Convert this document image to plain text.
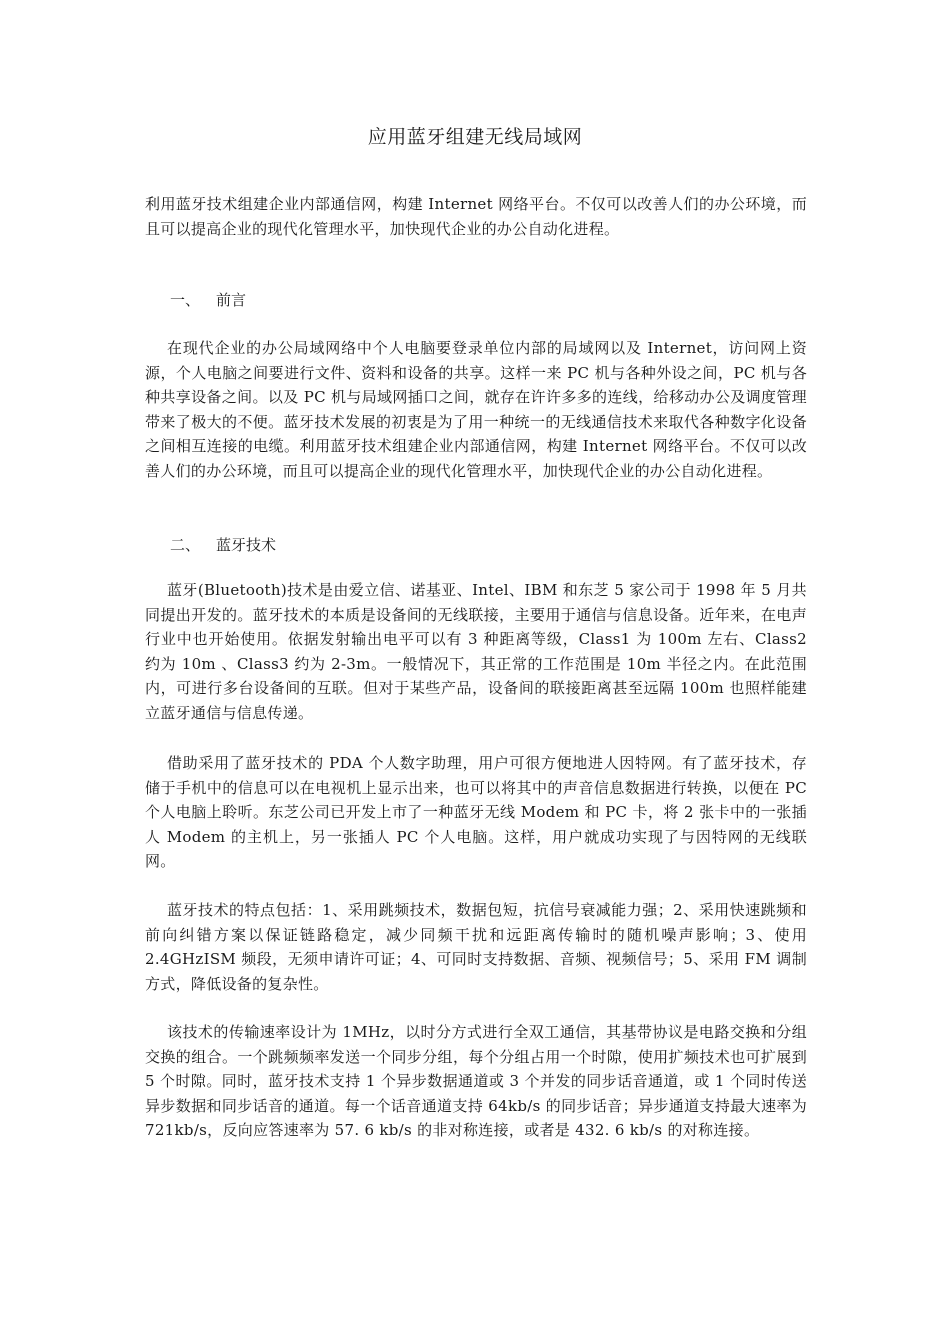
应用蓝牙组建无线局域网

利用蓝牙技术组建企业内部通信网，构建 Internet 网络平台。不仅可以改善人们的办公环境，而且可以提高企业的现代化管理水平，加快现代企业的办公自动化进程。

一、 前言

在现代企业的办公局域网络中个人电脑要登录单位内部的局域网以及 Internet，访问网上资源，个人电脑之间要进行文件、资料和设备的共享。这样一来 PC 机与各种外设之间，PC 机与各种共享设备之间。以及 PC 机与局域网插口之间，就存在许许多多的连线，给移动办公及调度管理带来了极大的不便。蓝牙技术发展的初衷是为了用一种统一的无线通信技术来取代各种数字化设备之间相互连接的电缆。利用蓝牙技术组建企业内部通信网，构建 Internet 网络平台。不仅可以改善人们的办公环境，而且可以提高企业的现代化管理水平，加快现代企业的办公自动化进程。

二、 蓝牙技术

蓝牙(Bluetooth)技术是由爱立信、诺基亚、Intel、IBM 和东芝 5 家公司于 1998 年 5 月共同提出开发的。蓝牙技术的本质是设备间的无线联接，主要用于通信与信息设备。近年来，在电声行业中也开始使用。依据发射输出电平可以有 3 种距离等级，Class1 为 100m 左右、Class2 约为 10m 、Class3 约为 2-3m。一般情况下，其正常的工作范围是 10m 半径之内。在此范围内，可进行多台设备间的互联。但对于某些产品，设备间的联接距离甚至远隔 100m 也照样能建立蓝牙通信与信息传递。

借助采用了蓝牙技术的 PDA 个人数字助理，用户可很方便地进人因特网。有了蓝牙技术，存储于手机中的信息可以在电视机上显示出来，也可以将其中的声音信息数据进行转换，以便在 PC 个人电脑上聆听。东芝公司已开发上市了一种蓝牙无线 Modem 和 PC 卡，将 2 张卡中的一张插人 Modem 的主机上，另一张插人 PC 个人电脑。这样，用户就成功实现了与因特网的无线联网。

蓝牙技术的特点包括：1、采用跳频技术，数据包短，抗信号衰减能力强；2、采用快速跳频和前向纠错方案以保证链路稳定，减少同频干扰和远距离传输时的随机噪声影响；3、使用 2.4GHzISM 频段，无须申请许可证；4、可同时支持数据、音频、视频信号；5、采用 FM 调制方式，降低设备的复杂性。

该技术的传输速率设计为 1MHz，以时分方式进行全双工通信，其基带协议是电路交换和分组交换的组合。一个跳频频率发送一个同步分组，每个分组占用一个时隙，使用扩频技术也可扩展到 5 个时隙。同时，蓝牙技术支持 1 个异步数据通道或 3 个并发的同步话音通道，或 1 个同时传送异步数据和同步话音的通道。每一个话音通道支持 64kb/s 的同步话音；异步通道支持最大速率为 721kb/s，反向应答速率为 57. 6 kb/s 的非对称连接，或者是 432. 6 kb/s 的对称连接。
